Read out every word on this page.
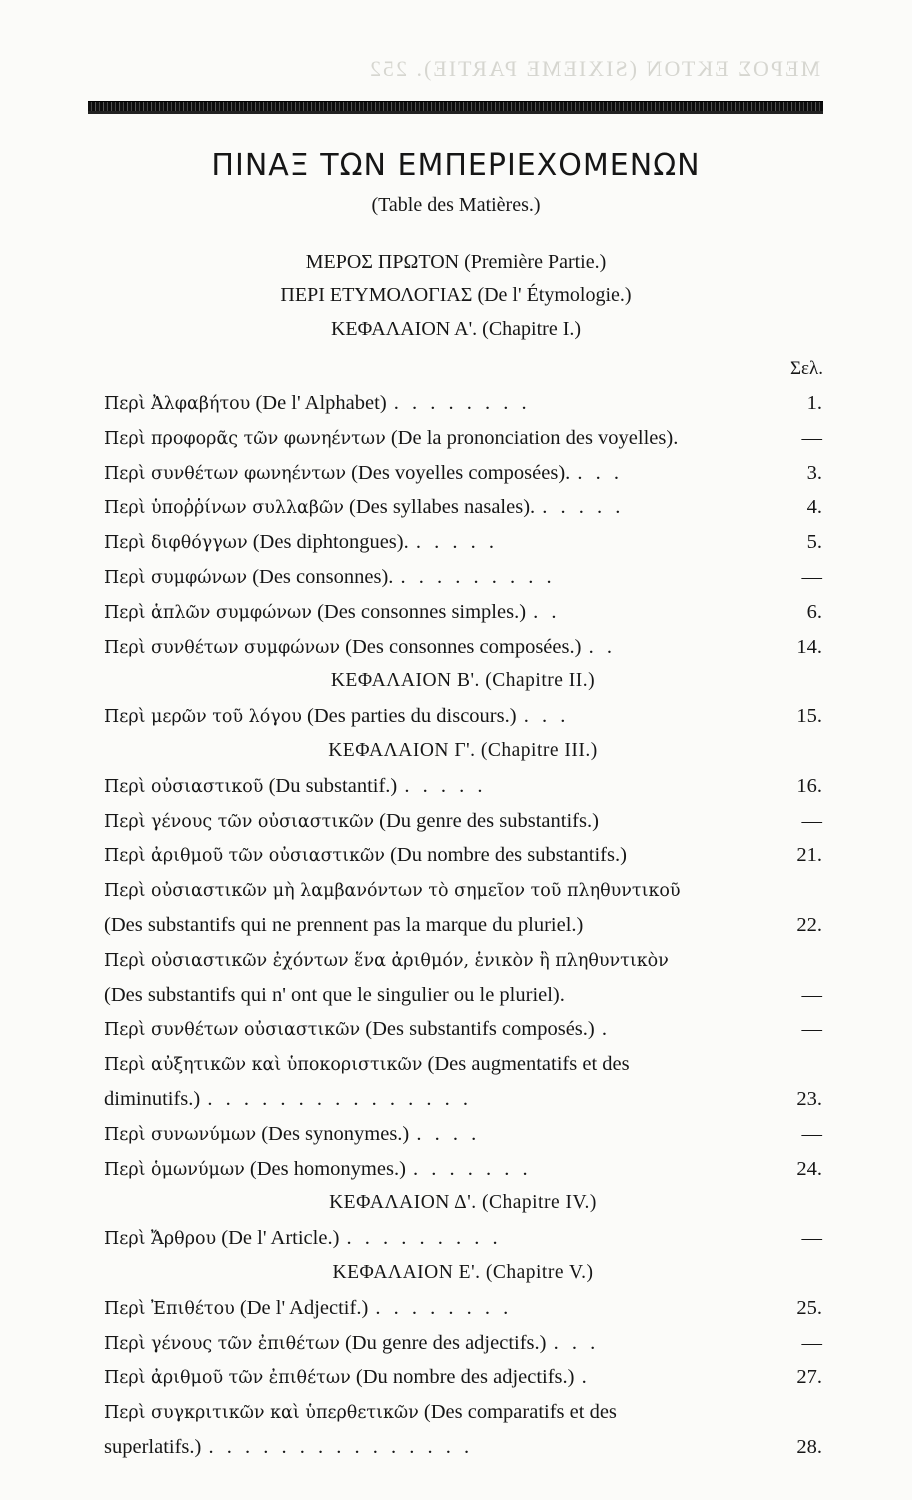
MEPOΣ EKTON (SIXIEME PARTIE). 252
ΠΙΝΑΞ ΤΩΝ ΕΜΠΕΡΙΕΧΟΜΕΝΩΝ
(Table des Matières.)
ΜΕΡΟΣ ΠΡΩΤΟΝ (Première Partie.)
ΠΕΡΙ ΕΤΥΜΟΛΟΓΙΑΣ (De l' Étymologie.)
ΚΕΦΑΛΑΙΟΝ Α'. (Chapitre I.)
Σελ.
Περὶ Ἀλφαβήτου (De l' Alphabet) . . . . . . . .	1.
Περὶ προφορᾶς τῶν φωνηέντων (De la prononciation des voyelles).	—
Περὶ συνθέτων φωνηέντων (Des voyelles composées). . . .	3.
Περὶ ὑποῤῥίνων συλλαβῶν (Des syllabes nasales). . . . . .	4.
Περὶ διφθόγγων (Des diphtongues). . . . . .	5.
Περὶ συμφώνων (Des consonnes). . . . . . . . . .	—
Περὶ ἁπλῶν συμφώνων (Des consonnes simples.) . .	6.
Περὶ συνθέτων συμφώνων (Des consonnes composées.) . .	14.
ΚΕΦΑΛΑΙΟΝ Β'. (Chapitre II.)
Περὶ μερῶν τοῦ λόγου (Des parties du discours.) . . .	15.
ΚΕΦΑΛΑΙΟΝ Γ'. (Chapitre III.)
Περὶ οὐσιαστικοῦ (Du substantif.) . . . . .	16.
Περὶ γένους τῶν οὐσιαστικῶν (Du genre des substantifs.)	—
Περὶ ἀριθμοῦ τῶν οὐσιαστικῶν (Du nombre des substantifs.)	21.
Περὶ οὐσιαστικῶν μὴ λαμβανόντων τὸ σημεῖον τοῦ πληθυντικοῦ
(Des substantifs qui ne prennent pas la marque du pluriel.)	22.
Περὶ οὐσιαστικῶν ἐχόντων ἕνα ἀριθμόν, ἑνικὸν ἢ πληθυντικὸν
(Des substantifs qui n' ont que le singulier ou le pluriel).	—
Περὶ συνθέτων οὐσιαστικῶν (Des substantifs composés.) .	—
Περὶ αὐξητικῶν καὶ ὑποκοριστικῶν (Des augmentatifs et des
diminutifs.) . . . . . . . . . . . . . . .	23.
Περὶ συνωνύμων (Des synonymes.) . . . .	—
Περὶ ὁμωνύμων (Des homonymes.) . . . . . . .	24.
ΚΕΦΑΛΑΙΟΝ Δ'. (Chapitre IV.)
Περὶ Ἄρθρου (De l' Article.) . . . . . . . . .	—
ΚΕΦΑΛΑΙΟΝ Ε'. (Chapitre V.)
Περὶ Ἐπιθέτου (De l' Adjectif.) . . . . . . . .	25.
Περὶ γένους τῶν ἐπιθέτων (Du genre des adjectifs.) . . .	—
Περὶ ἀριθμοῦ τῶν ἐπιθέτων (Du nombre des adjectifs.) .	27.
Περὶ συγκριτικῶν καὶ ὑπερθετικῶν (Des comparatifs et des
superlatifs.) . . . . . . . . . . . . . . .	28.
